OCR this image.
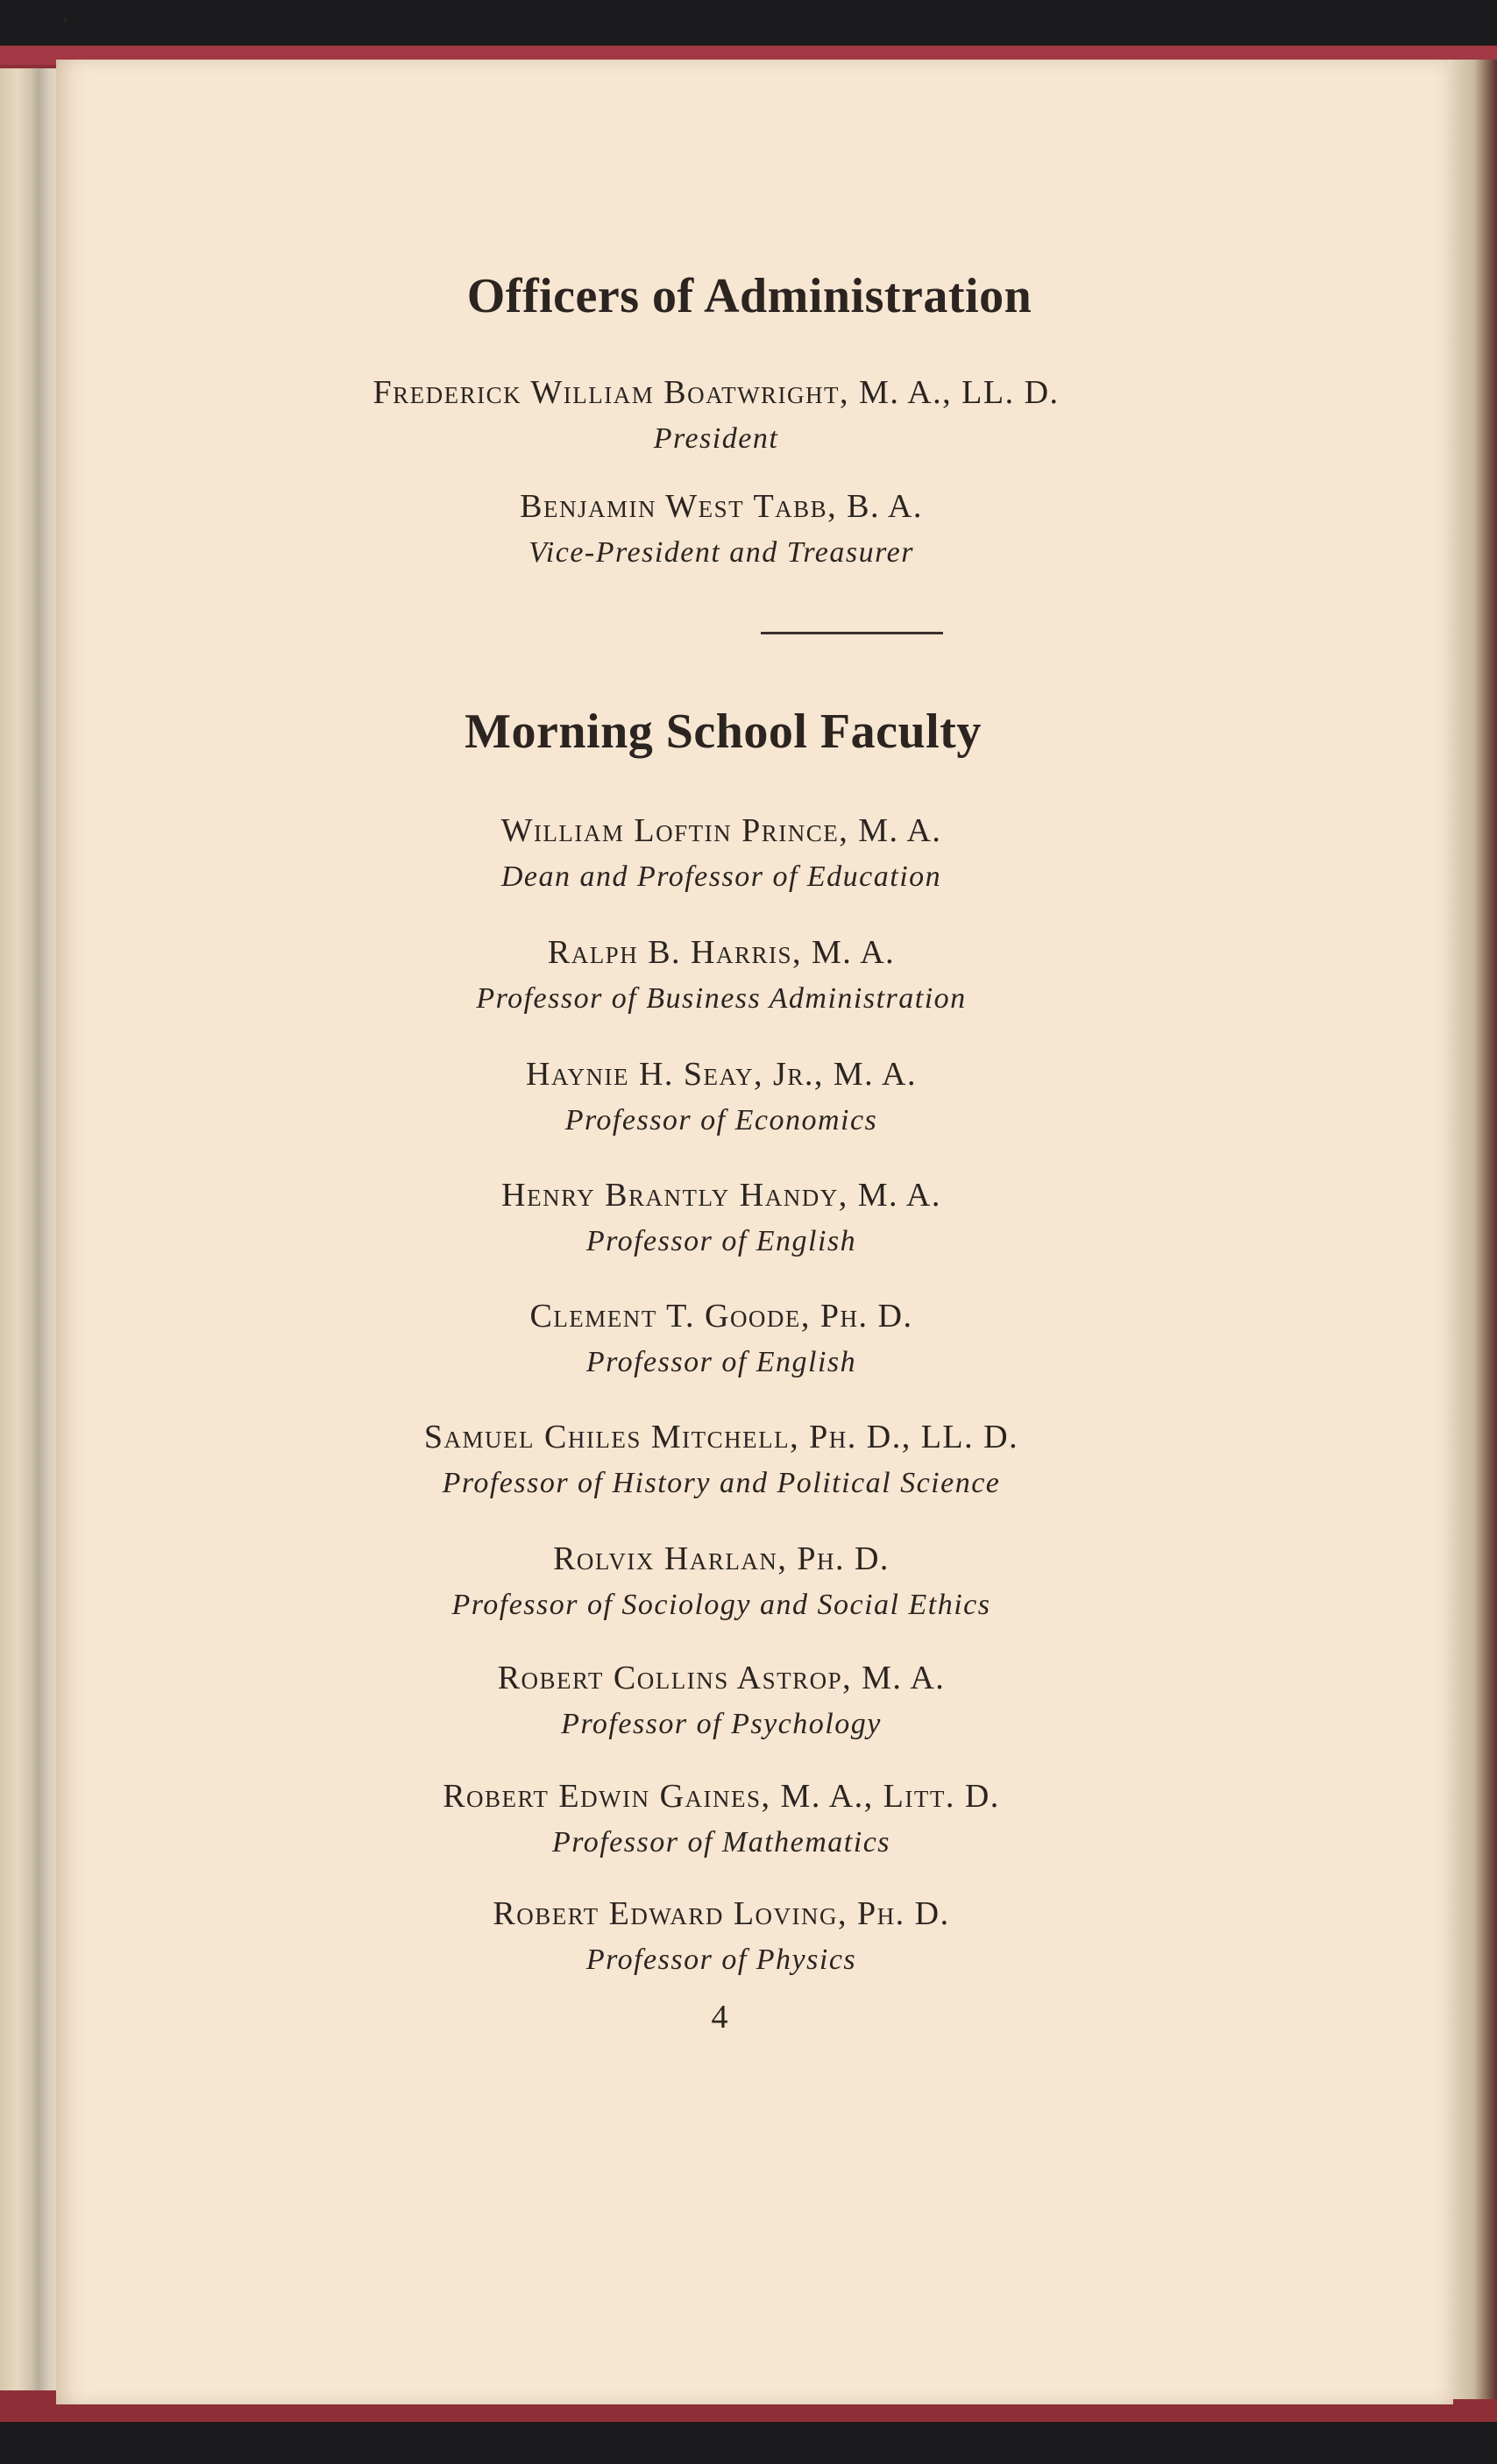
Officers of Administration
Frederick William Boatwright, M. A., LL. D.
President
Benjamin West Tabb, B. A.
Vice-President and Treasurer
Morning School Faculty
William Loftin Prince, M. A.
Dean and Professor of Education
Ralph B. Harris, M. A.
Professor of Business Administration
Haynie H. Seay, Jr., M. A.
Professor of Economics
Henry Brantly Handy, M. A.
Professor of English
Clement T. Goode, Ph. D.
Professor of English
Samuel Chiles Mitchell, Ph. D., LL. D.
Professor of History and Political Science
Rolvix Harlan, Ph. D.
Professor of Sociology and Social Ethics
Robert Collins Astrop, M. A.
Professor of Psychology
Robert Edwin Gaines, M. A., Litt. D.
Professor of Mathematics
Robert Edward Loving, Ph. D.
Professor of Physics
4
